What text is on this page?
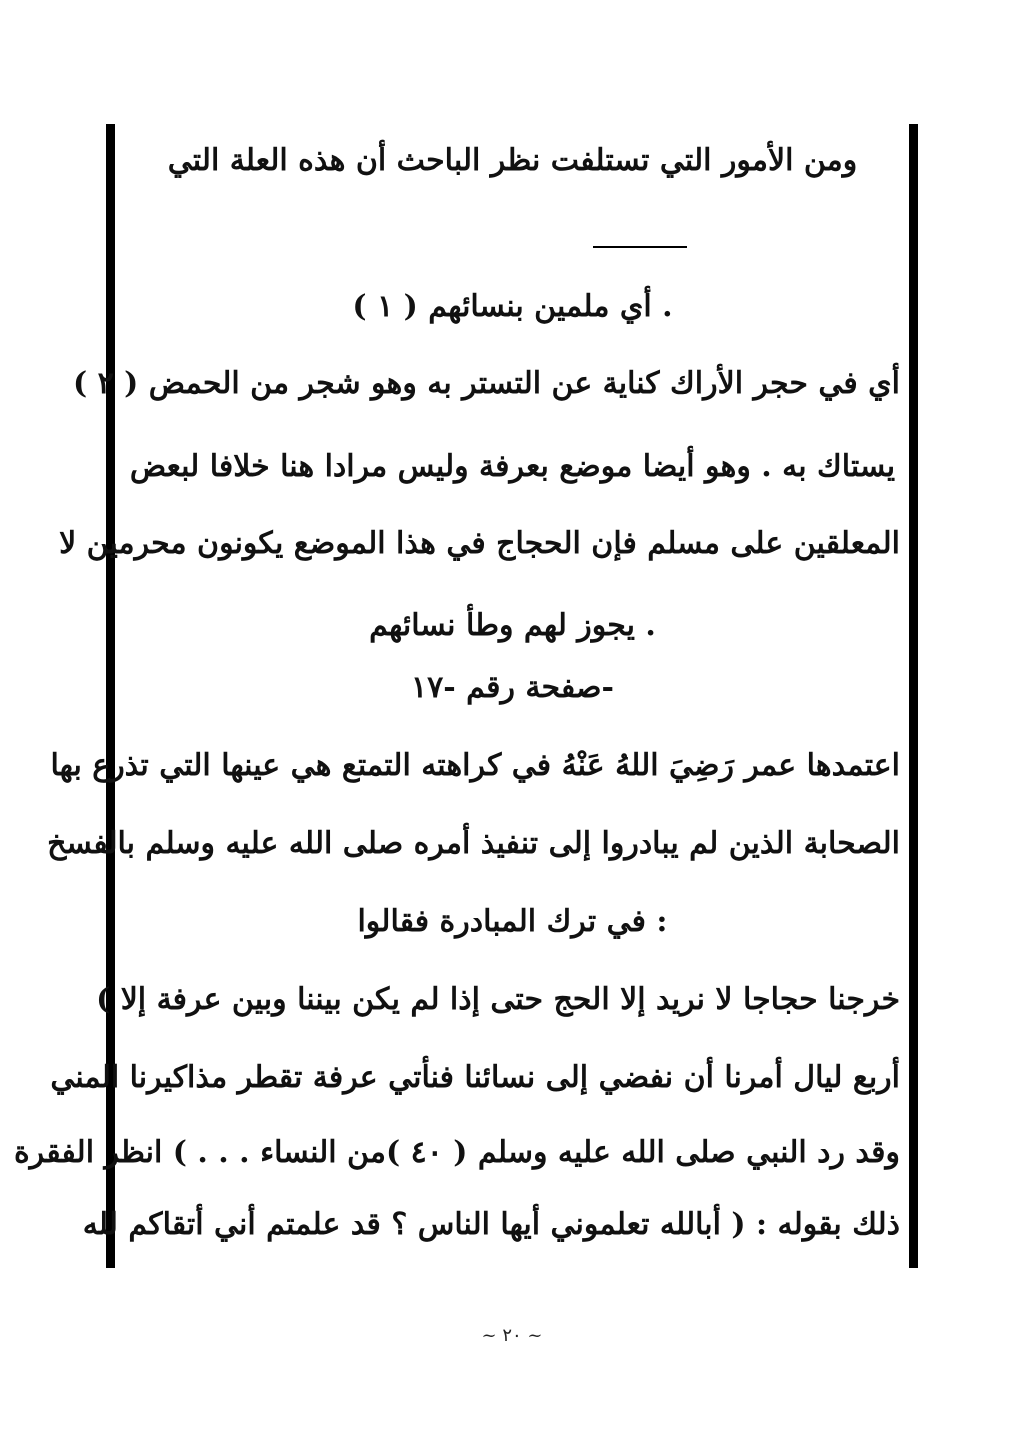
ومن الأمور التي تستلفت نظر الباحث أن هذه العلة التي
. أي ملمين بنسائهم ( ١ )
أي في حجر الأراك كناية عن التستر به وهو شجر من الحمض ( ٢ )
يستاك به . وهو أيضا موضع بعرفة وليس مرادا هنا خلافا لبعض
المعلقين على مسلم فإن الحجاج في هذا الموضع يكونون محرمين لا
. يجوز لهم وطأ نسائهم
-صفحة رقم -١٧
اعتمدها عمر رَضِيَ اللهُ عَنْهُ في كراهته التمتع هي عينها التي تذرع بها
الصحابة الذين لم يبادروا إلى تنفيذ أمره صلى الله عليه وسلم بالفسخ
: في ترك المبادرة فقالوا
خرجنا حجاجا لا نريد إلا الحج حتى إذا لم يكن بيننا وبين عرفة إلا )
أربع ليال أمرنا أن نفضي إلى نسائنا فنأتي عرفة تقطر مذاكيرنا المني
وقد رد النبي صلى الله عليه وسلم ( ٤٠ )من النساء . . . ) انظر الفقرة
ذلك بقوله : ( أبالله تعلموني أيها الناس ؟ قد علمتم أني أتقاكم لله
~ ٢٠ ~
